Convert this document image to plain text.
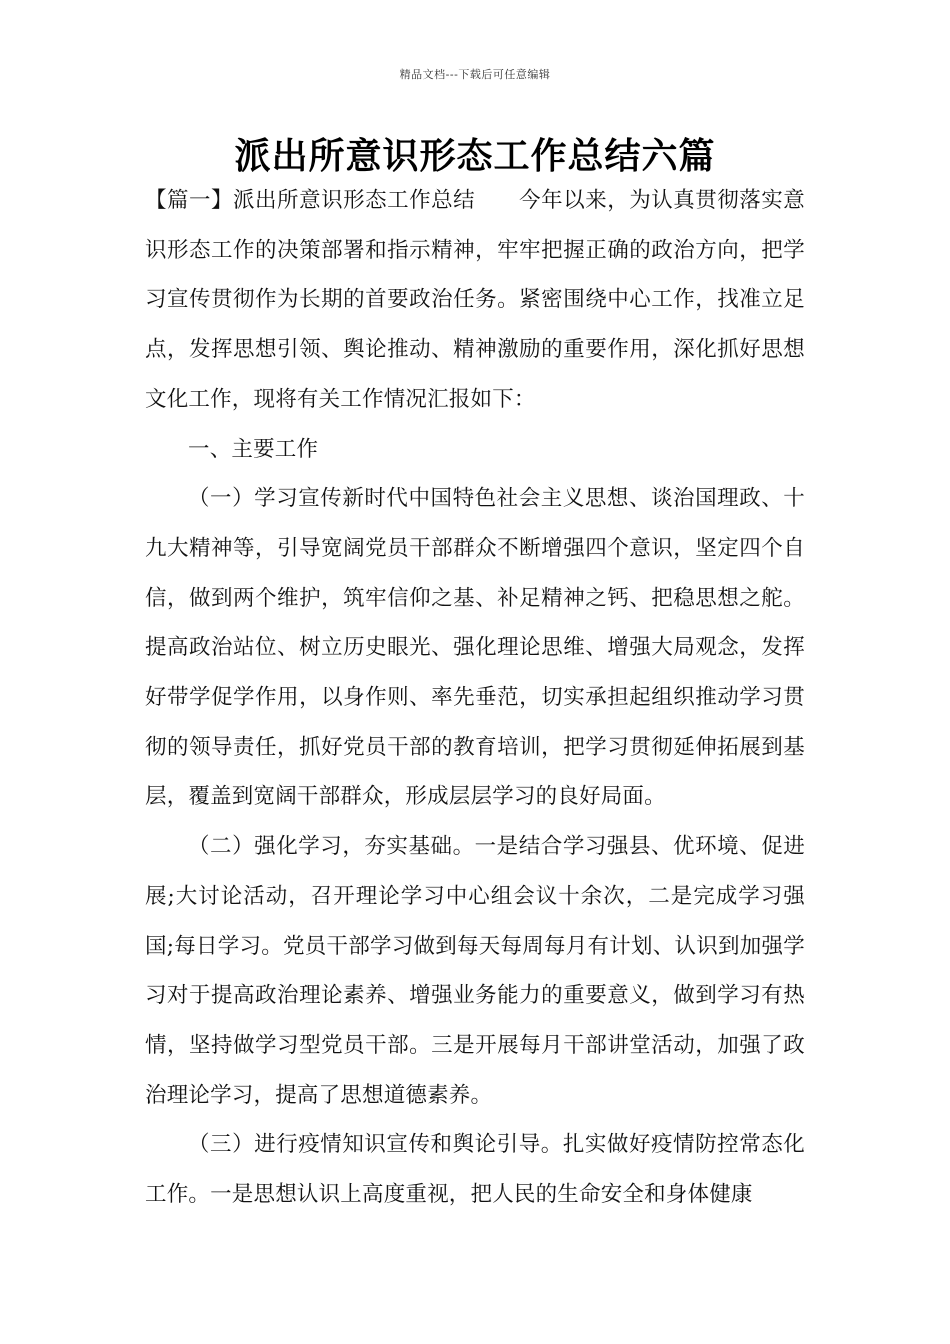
精品文档---下载后可任意编辑
派出所意识形态工作总结六篇

【篇一】派出所意识形态工作总结　　今年以来，为认真贯彻落实意识形态工作的决策部署和指示精神，牢牢把握正确的政治方向，把学习宣传贯彻作为长期的首要政治任务。紧密围绕中心工作，找准立足点，发挥思想引领、舆论推动、精神激励的重要作用，深化抓好思想文化工作，现将有关工作情况汇报如下：

一、主要工作

（一）学习宣传新时代中国特色社会主义思想、谈治国理政、十九大精神等，引导宽阔党员干部群众不断增强四个意识，坚定四个自信，做到两个维护，筑牢信仰之基、补足精神之钙、把稳思想之舵。提高政治站位、树立历史眼光、强化理论思维、增强大局观念，发挥好带学促学作用，以身作则、率先垂范，切实承担起组织推动学习贯彻的领导责任，抓好党员干部的教育培训，把学习贯彻延伸拓展到基层，覆盖到宽阔干部群众，形成层层学习的良好局面。

（二）强化学习，夯实基础。一是结合学习强县、优环境、促进展;大讨论活动，召开理论学习中心组会议十余次，二是完成学习强国;每日学习。党员干部学习做到每天每周每月有计划、认识到加强学习对于提高政治理论素养、增强业务能力的重要意义，做到学习有热情，坚持做学习型党员干部。三是开展每月干部讲堂活动，加强了政治理论学习，提高了思想道德素养。

（三）进行疫情知识宣传和舆论引导。扎实做好疫情防控常态化工作。一是思想认识上高度重视，把人民的生命安全和身体健康
